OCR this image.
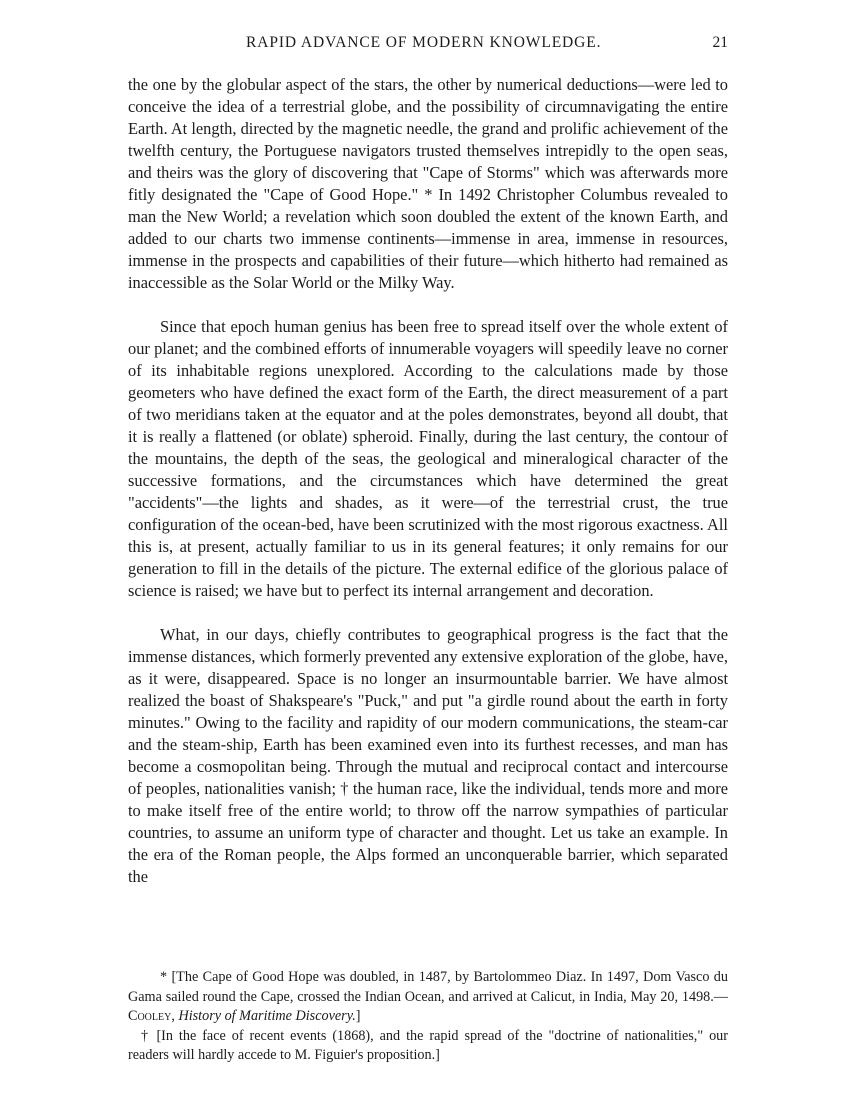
RAPID ADVANCE OF MODERN KNOWLEDGE.	21

the one by the globular aspect of the stars, the other by numerical deductions—were led to conceive the idea of a terrestrial globe, and the possibility of circumnavigating the entire Earth. At length, directed by the magnetic needle, the grand and prolific achievement of the twelfth century, the Portuguese navigators trusted themselves intrepidly to the open seas, and theirs was the glory of discovering that "Cape of Storms" which was afterwards more fitly designated the "Cape of Good Hope." * In 1492 Christopher Columbus revealed to man the New World; a revelation which soon doubled the extent of the known Earth, and added to our charts two immense continents—immense in area, immense in resources, immense in the prospects and capabilities of their future—which hitherto had remained as inaccessible as the Solar World or the Milky Way.

Since that epoch human genius has been free to spread itself over the whole extent of our planet; and the combined efforts of innumerable voyagers will speedily leave no corner of its inhabitable regions unexplored. According to the calculations made by those geometers who have defined the exact form of the Earth, the direct measurement of a part of two meridians taken at the equator and at the poles demonstrates, beyond all doubt, that it is really a flattened (or oblate) spheroid. Finally, during the last century, the contour of the mountains, the depth of the seas, the geological and mineralogical character of the successive formations, and the circumstances which have determined the great "accidents"—the lights and shades, as it were—of the terrestrial crust, the true configuration of the ocean-bed, have been scrutinized with the most rigorous exactness. All this is, at present, actually familiar to us in its general features; it only remains for our generation to fill in the details of the picture. The external edifice of the glorious palace of science is raised; we have but to perfect its internal arrangement and decoration.

What, in our days, chiefly contributes to geographical progress is the fact that the immense distances, which formerly prevented any extensive exploration of the globe, have, as it were, disappeared. Space is no longer an insurmountable barrier. We have almost realized the boast of Shakspeare's "Puck," and put "a girdle round about the earth in forty minutes." Owing to the facility and rapidity of our modern communications, the steam-car and the steam-ship, Earth has been examined even into its furthest recesses, and man has become a cosmopolitan being. Through the mutual and reciprocal contact and intercourse of peoples, nationalities vanish; † the human race, like the individual, tends more and more to make itself free of the entire world; to throw off the narrow sympathies of particular countries, to assume an uniform type of character and thought. Let us take an example. In the era of the Roman people, the Alps formed an unconquerable barrier, which separated the

* [The Cape of Good Hope was doubled, in 1487, by Bartolommeo Diaz. In 1497, Dom Vasco du Gama sailed round the Cape, crossed the Indian Ocean, and arrived at Calicut, in India, May 20, 1498.—Cooley, History of Maritime Discovery.]

† [In the face of recent events (1868), and the rapid spread of the "doctrine of nationalities," our readers will hardly accede to M. Figuier's proposition.]
